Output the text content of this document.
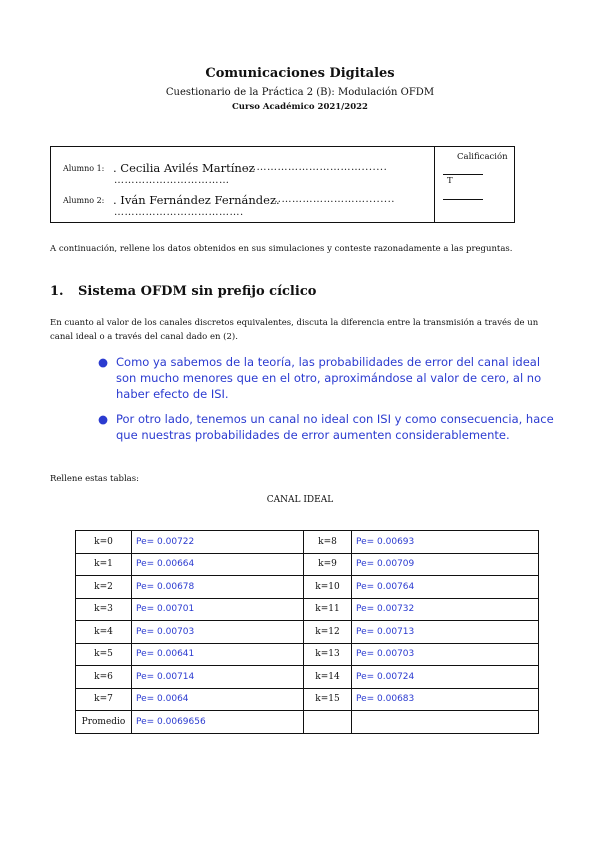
Comunicaciones Digitales
Cuestionario de la Práctica 2 (B): Modulación OFDM
Curso Académico 2021/2022
Alumno 1: . Cecilia Avilés Martínez
…………………………….......
……………………………
Alumno 2: . Iván Fernández Fernández.
………………………........
……………………………….
Calificación
T
A continuación, rellene los datos obtenidos en sus simulaciones y conteste razonadamente a las preguntas.
1. Sistema OFDM sin prefijo cíclico
En cuanto al valor de los canales discretos equivalentes, discuta la diferencia entre la transmisión a través de un canal ideal o a través del canal dado en (2).
● Como ya sabemos de la teoría, las probabilidades de error del canal ideal son mucho menores que en el otro, aproximándose al valor de cero, al no haber efecto de ISI.
● Por otro lado, tenemos un canal no ideal con ISI y como consecuencia, hace que nuestras probabilidades de error aumenten considerablemente.
Rellene estas tablas:
CANAL IDEAL
k=0	Pe= 0.00722	k=8	Pe= 0.00693
k=1	Pe= 0.00664	k=9	Pe= 0.00709
k=2	Pe= 0.00678	k=10	Pe= 0.00764
k=3	Pe= 0.00701	k=11	Pe= 0.00732
k=4	Pe= 0.00703	k=12	Pe= 0.00713
k=5	Pe= 0.00641	k=13	Pe= 0.00703
k=6	Pe= 0.00714	k=14	Pe= 0.00724
k=7	Pe= 0.0064	k=15	Pe= 0.00683
Promedio	Pe= 0.0069656		
